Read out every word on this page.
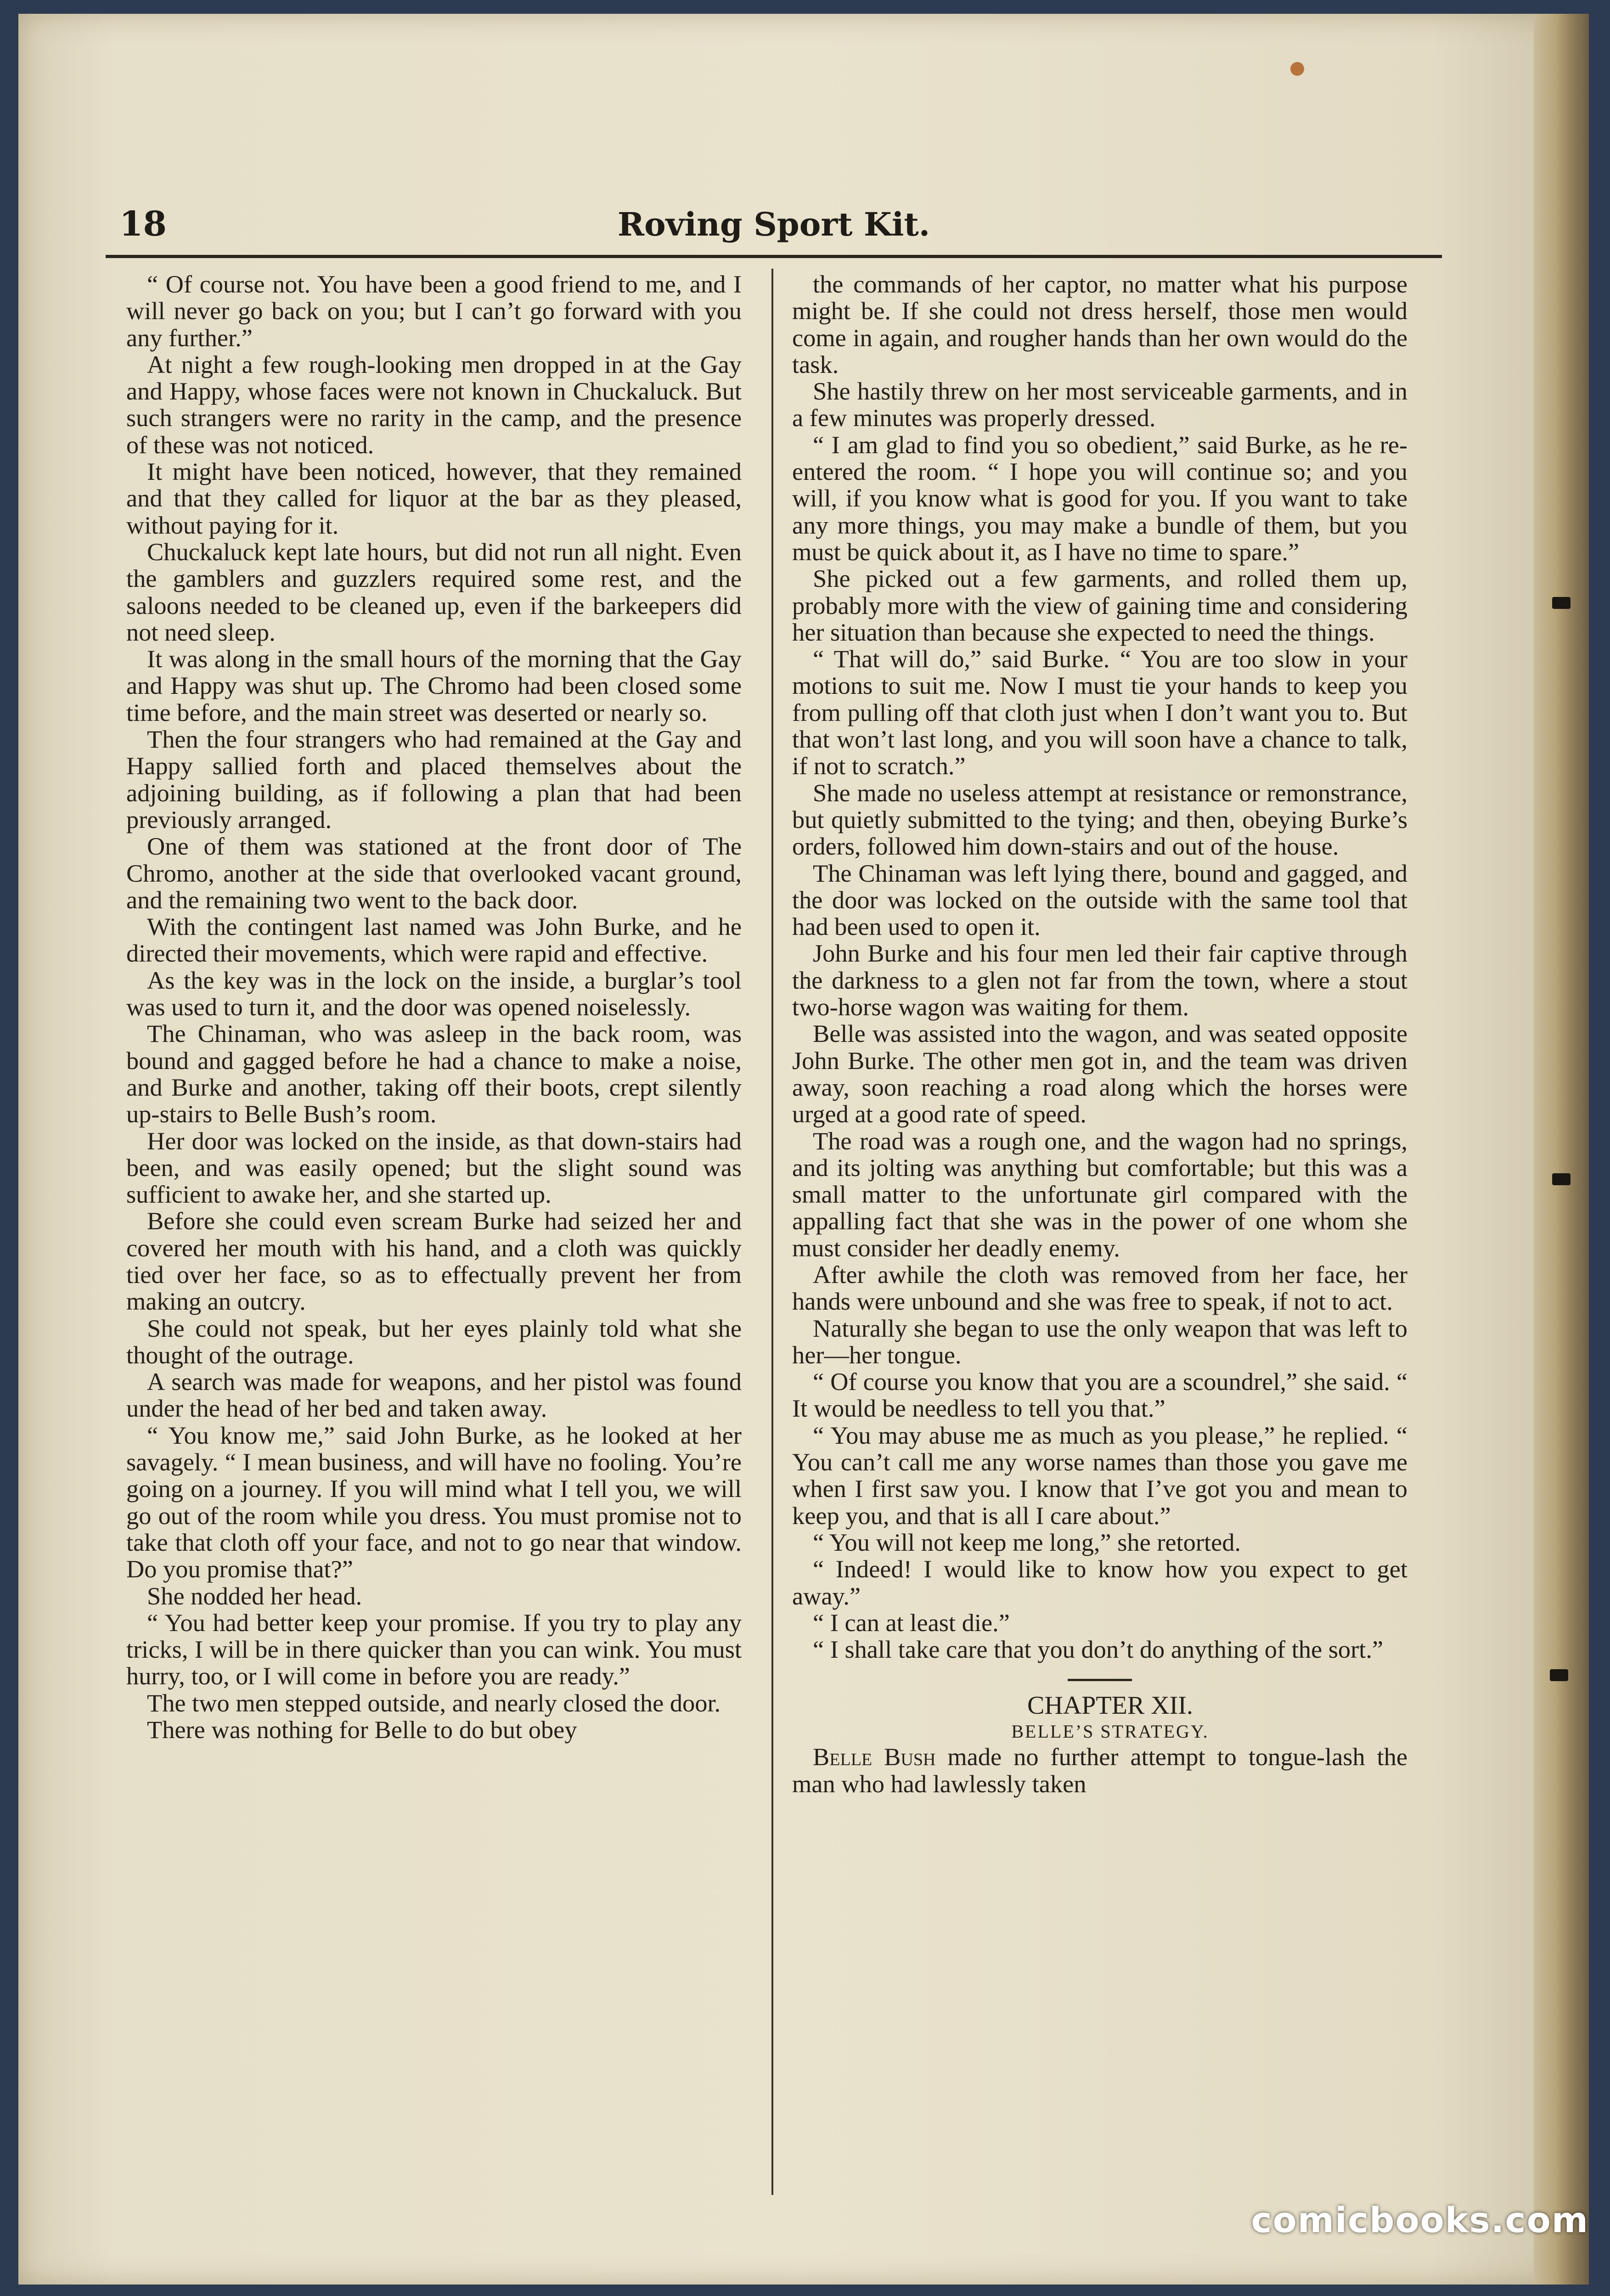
18	Roving Sport Kit.

“ Of course not. You have been a good friend to me, and I will never go back on you; but I can’t go forward with you any further.”

At night a few rough-looking men dropped in at the Gay and Happy, whose faces were not known in Chuckaluck. But such strangers were no rarity in the camp, and the presence of these was not noticed.

It might have been noticed, however, that they remained and that they called for liquor at the bar as they pleased, without paying for it.

Chuckaluck kept late hours, but did not run all night. Even the gamblers and guzzlers required some rest, and the saloons needed to be cleaned up, even if the barkeepers did not need sleep.

It was along in the small hours of the morning that the Gay and Happy was shut up. The Chromo had been closed some time before, and the main street was deserted or nearly so.

Then the four strangers who had remained at the Gay and Happy sallied forth and placed themselves about the adjoining building, as if following a plan that had been previously arranged.

One of them was stationed at the front door of The Chromo, another at the side that overlooked vacant ground, and the remaining two went to the back door.

With the contingent last named was John Burke, and he directed their movements, which were rapid and effective.

As the key was in the lock on the inside, a burglar’s tool was used to turn it, and the door was opened noiselessly.

The Chinaman, who was asleep in the back room, was bound and gagged before he had a chance to make a noise, and Burke and another, taking off their boots, crept silently up-stairs to Belle Bush’s room.

Her door was locked on the inside, as that down-stairs had been, and was easily opened; but the slight sound was sufficient to awake her, and she started up.

Before she could even scream Burke had seized her and covered her mouth with his hand, and a cloth was quickly tied over her face, so as to effectually prevent her from making an outcry.

She could not speak, but her eyes plainly told what she thought of the outrage.

A search was made for weapons, and her pistol was found under the head of her bed and taken away.

“ You know me,” said John Burke, as he looked at her savagely. “ I mean business, and will have no fooling. You’re going on a journey. If you will mind what I tell you, we will go out of the room while you dress. You must promise not to take that cloth off your face, and not to go near that window. Do you promise that?”

She nodded her head.

“ You had better keep your promise. If you try to play any tricks, I will be in there quicker than you can wink. You must hurry, too, or I will come in before you are ready.”

The two men stepped outside, and nearly closed the door.

There was nothing for Belle to do but obey

the commands of her captor, no matter what his purpose might be. If she could not dress herself, those men would come in again, and rougher hands than her own would do the task.

She hastily threw on her most serviceable garments, and in a few minutes was properly dressed.

“ I am glad to find you so obedient,” said Burke, as he re-entered the room. “ I hope you will continue so; and you will, if you know what is good for you. If you want to take any more things, you may make a bundle of them, but you must be quick about it, as I have no time to spare.”

She picked out a few garments, and rolled them up, probably more with the view of gaining time and considering her situation than because she expected to need the things.

“ That will do,” said Burke. “ You are too slow in your motions to suit me. Now I must tie your hands to keep you from pulling off that cloth just when I don’t want you to. But that won’t last long, and you will soon have a chance to talk, if not to scratch.”

She made no useless attempt at resistance or remonstrance, but quietly submitted to the tying; and then, obeying Burke’s orders, followed him down-stairs and out of the house.

The Chinaman was left lying there, bound and gagged, and the door was locked on the outside with the same tool that had been used to open it.

John Burke and his four men led their fair captive through the darkness to a glen not far from the town, where a stout two-horse wagon was waiting for them.

Belle was assisted into the wagon, and was seated opposite John Burke. The other men got in, and the team was driven away, soon reaching a road along which the horses were urged at a good rate of speed.

The road was a rough one, and the wagon had no springs, and its jolting was anything but comfortable; but this was a small matter to the unfortunate girl compared with the appalling fact that she was in the power of one whom she must consider her deadly enemy.

After awhile the cloth was removed from her face, her hands were unbound and she was free to speak, if not to act.

Naturally she began to use the only weapon that was left to her—her tongue.

“ Of course you know that you are a scoundrel,” she said. “ It would be needless to tell you that.”

“ You may abuse me as much as you please,” he replied. “ You can’t call me any worse names than those you gave me when I first saw you. I know that I’ve got you and mean to keep you, and that is all I care about.”

“ You will not keep me long,” she retorted.

“ Indeed! I would like to know how you expect to get away.”

“ I can at least die.”

“ I shall take care that you don’t do anything of the sort.”

CHAPTER XII.

BELLE’S STRATEGY.

Belle Bush made no further attempt to tongue-lash the man who had lawlessly taken

comicbooks.com
